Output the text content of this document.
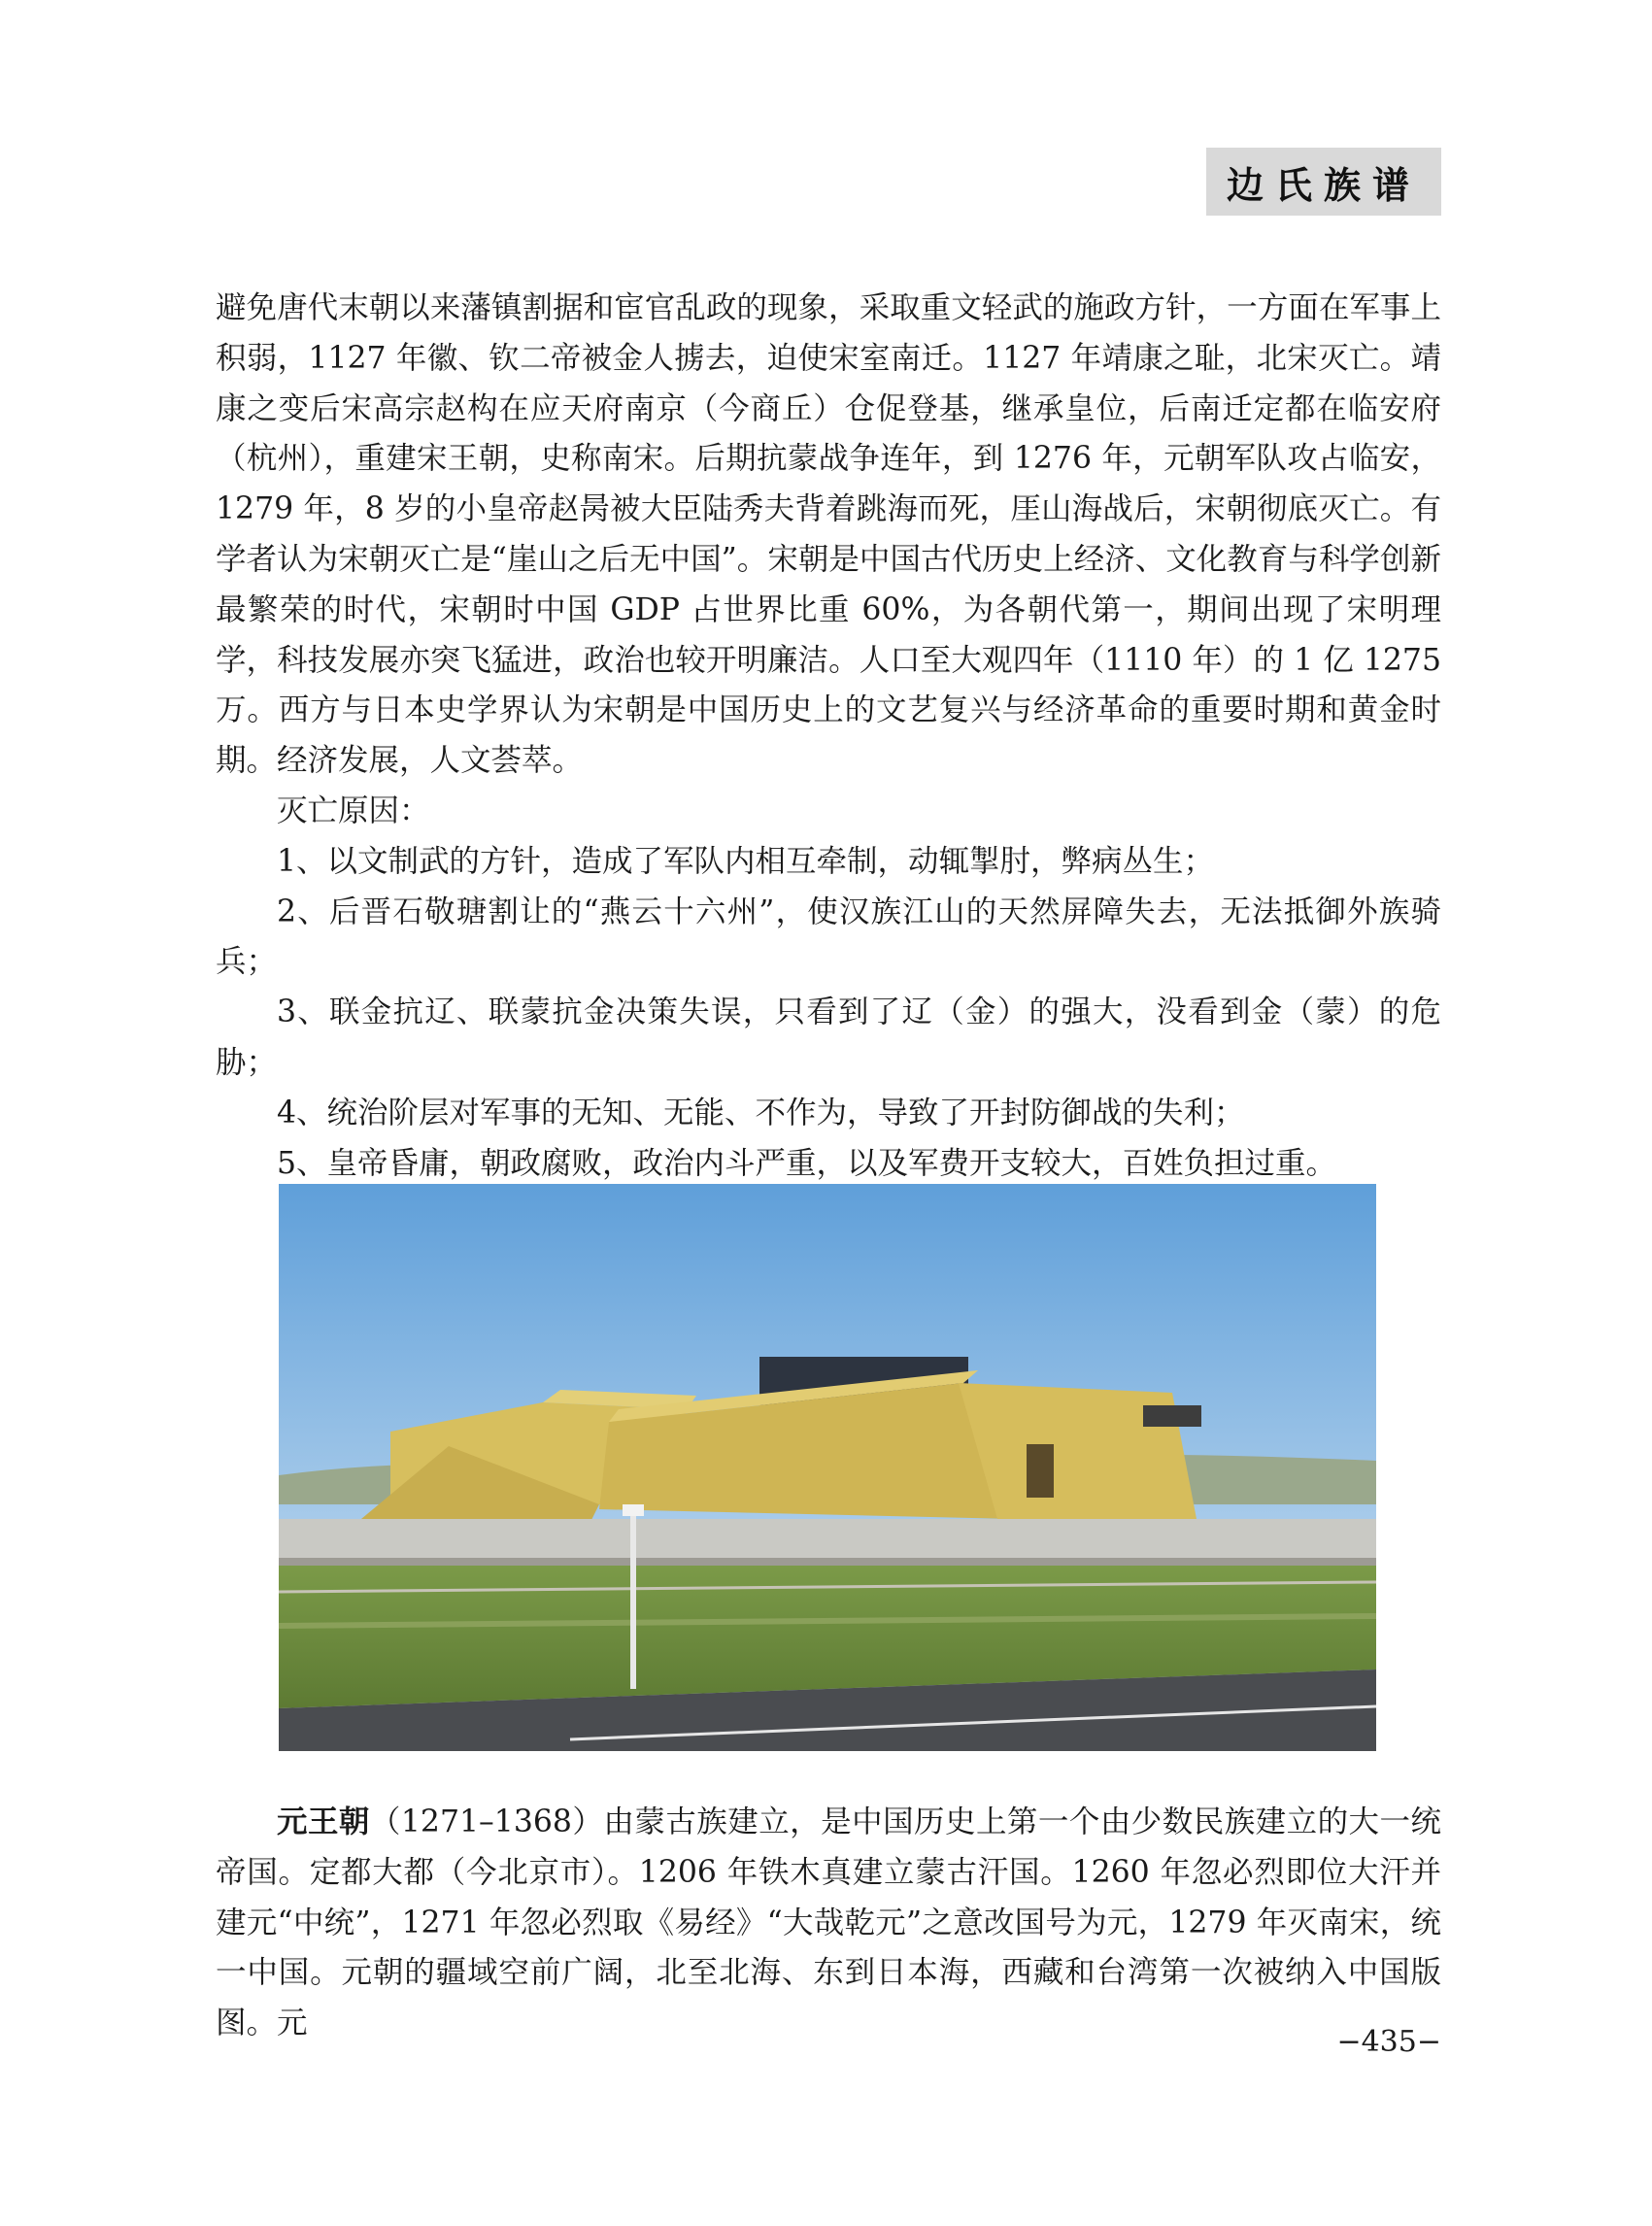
边氏族谱

避免唐代末朝以来藩镇割据和宦官乱政的现象，采取重文轻武的施政方针，一方面在军事上积弱，1127 年徽、钦二帝被金人掳去，迫使宋室南迁。1127 年靖康之耻，北宋灭亡。靖康之变后宋高宗赵构在应天府南京（今商丘）仓促登基，继承皇位，后南迁定都在临安府（杭州），重建宋王朝，史称南宋。后期抗蒙战争连年，到 1276 年，元朝军队攻占临安，1279 年，8 岁的小皇帝赵昺被大臣陆秀夫背着跳海而死，厓山海战后，宋朝彻底灭亡。有学者认为宋朝灭亡是“崖山之后无中国”。宋朝是中国古代历史上经济、文化教育与科学创新最繁荣的时代，宋朝时中国 GDP 占世界比重 60%，为各朝代第一，期间出现了宋明理学，科技发展亦突飞猛进，政治也较开明廉洁。人口至大观四年（1110 年）的 1 亿 1275 万。西方与日本史学界认为宋朝是中国历史上的文艺复兴与经济革命的重要时期和黄金时期。经济发展，人文荟萃。

灭亡原因：

1、以文制武的方针，造成了军队内相互牵制，动辄掣肘，弊病丛生；

2、后晋石敬瑭割让的“燕云十六州”，使汉族江山的天然屏障失去，无法抵御外族骑兵；

3、联金抗辽、联蒙抗金决策失误，只看到了辽（金）的强大，没看到金（蒙）的危胁；

4、统治阶层对军事的无知、无能、不作为，导致了开封防御战的失利；

5、皇帝昏庸，朝政腐败，政治内斗严重，以及军费开支较大，百姓负担过重。

元王朝（1271–1368）由蒙古族建立，是中国历史上第一个由少数民族建立的大一统帝国。定都大都（今北京市）。1206 年铁木真建立蒙古汗国。1260 年忽必烈即位大汗并建元“中统”，1271 年忽必烈取《易经》“大哉乾元”之意改国号为元，1279 年灭南宋，统一中国。元朝的疆域空前广阔，北至北海、东到日本海，西藏和台湾第一次被纳入中国版图。元

−435−
